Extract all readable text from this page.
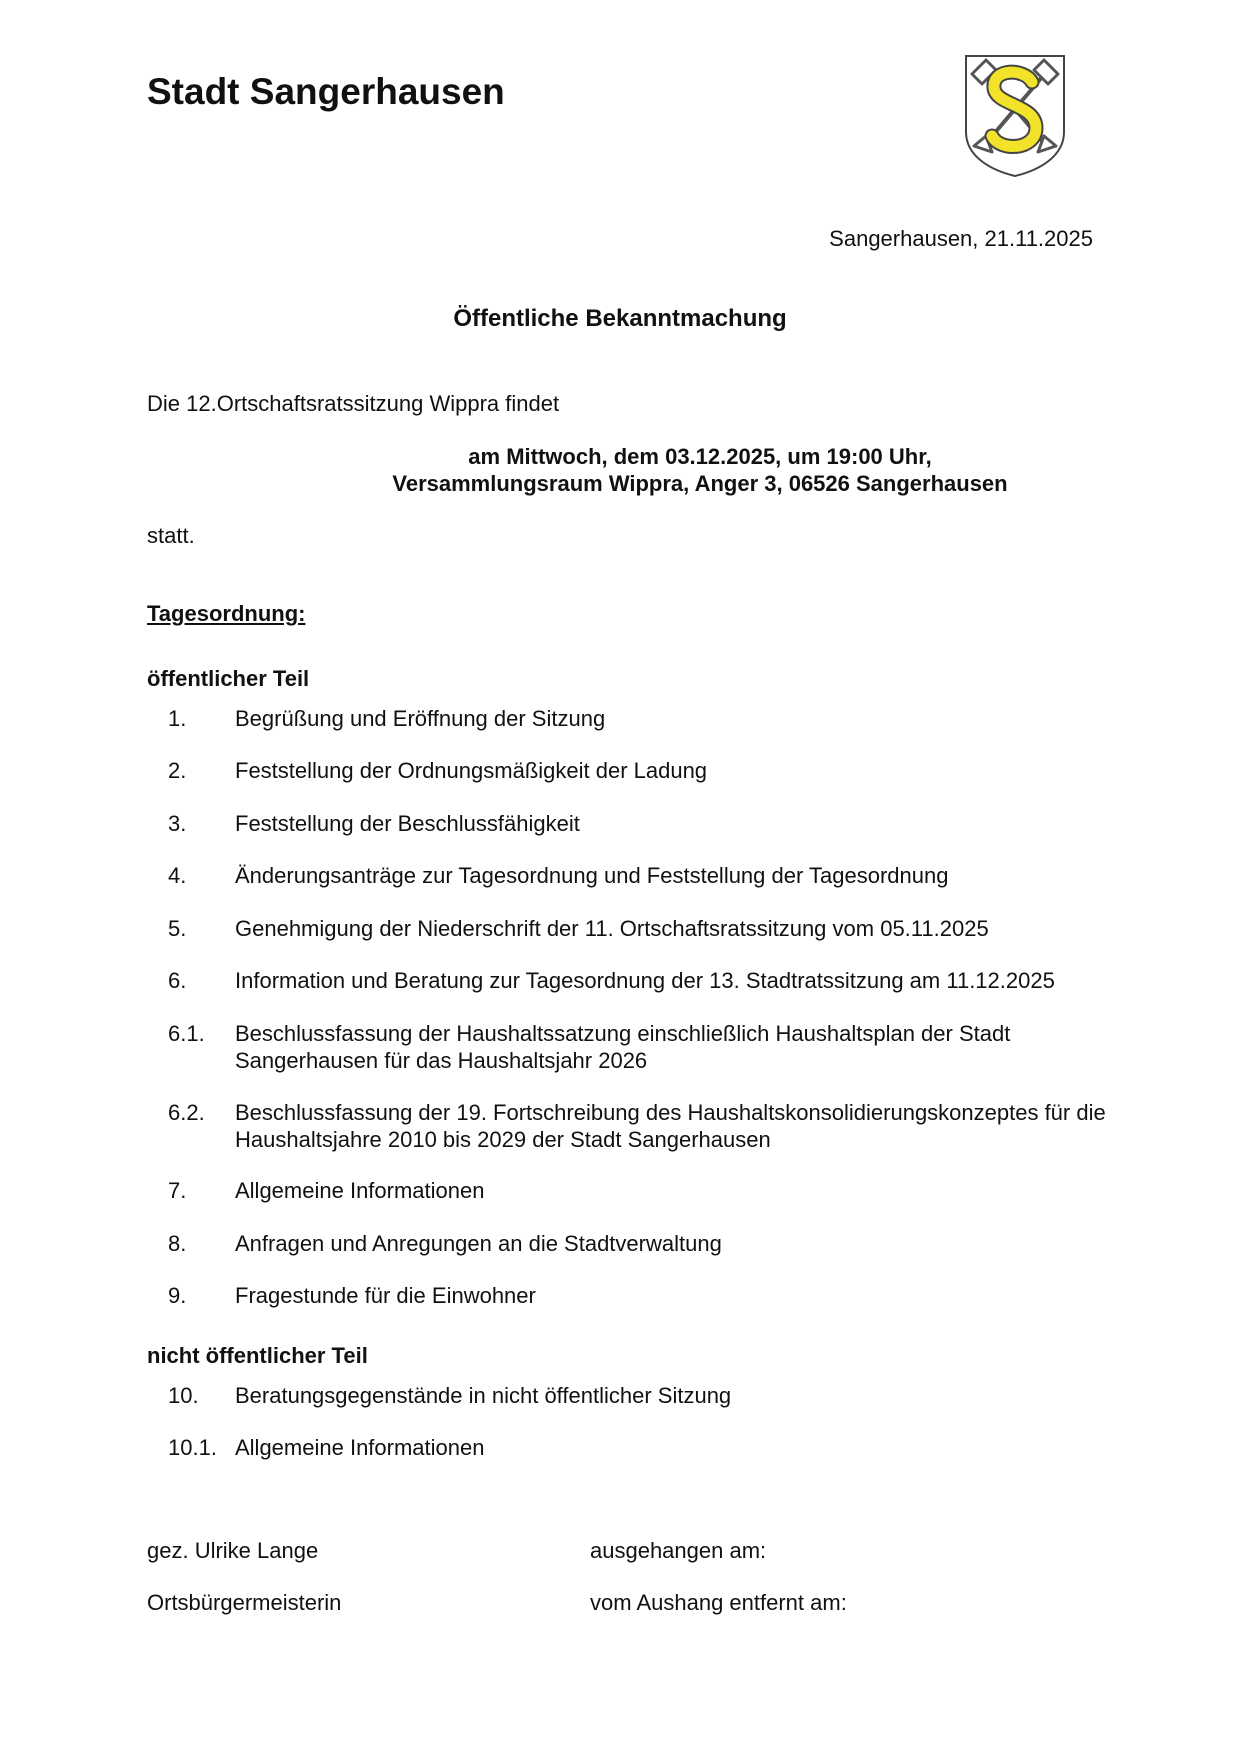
Stadt Sangerhausen
Sangerhausen, 21.11.2025
Öffentliche Bekanntmachung
Die 12.Ortschaftsratssitzung Wippra findet
am Mittwoch, dem 03.12.2025, um 19:00 Uhr,
Versammlungsraum Wippra, Anger 3, 06526 Sangerhausen
statt.
Tagesordnung:
öffentlicher Teil
1.	Begrüßung und Eröffnung der Sitzung
2.	Feststellung der Ordnungsmäßigkeit der Ladung
3.	Feststellung der Beschlussfähigkeit
4.	Änderungsanträge zur Tagesordnung und Feststellung der Tagesordnung
5.	Genehmigung der Niederschrift der 11. Ortschaftsratssitzung vom 05.11.2025
6.	Information und Beratung zur Tagesordnung der 13. Stadtratssitzung am 11.12.2025
6.1.	Beschlussfassung der Haushaltssatzung einschließlich Haushaltsplan der Stadt Sangerhausen für das Haushaltsjahr 2026
6.2.	Beschlussfassung der 19. Fortschreibung des Haushaltskonsolidierungskonzeptes für die Haushaltsjahre 2010 bis 2029 der Stadt Sangerhausen
7.	Allgemeine Informationen
8.	Anfragen und Anregungen an die Stadtverwaltung
9.	Fragestunde für die Einwohner
nicht öffentlicher Teil
10.	Beratungsgegenstände in nicht öffentlicher Sitzung
10.1. Allgemeine Informationen
gez. Ulrike Lange	ausgehangen am:
Ortsbürgermeisterin	vom Aushang entfernt am:
